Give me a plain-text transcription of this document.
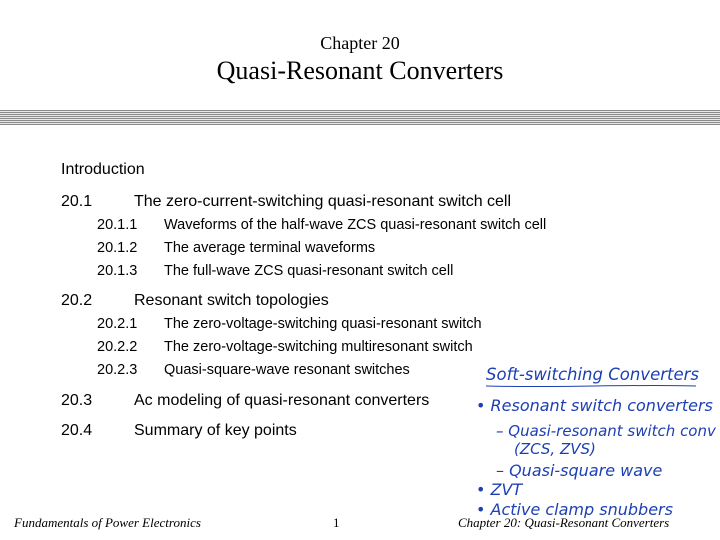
Chapter 20
Quasi-Resonant Converters
Introduction
20.1	The zero-current-switching quasi-resonant switch cell
20.1.1 Waveforms of the half-wave ZCS quasi-resonant switch cell
20.1.2 The average terminal waveforms
20.1.3 The full-wave ZCS quasi-resonant switch cell
20.2	Resonant switch topologies
20.2.1 The zero-voltage-switching quasi-resonant switch
20.2.2 The zero-voltage-switching multiresonant switch
20.2.3 Quasi-square-wave resonant switches
20.3	Ac modeling of quasi-resonant converters
20.4	Summary of key points
Soft-switching Converters
• Resonant switch converters
– Quasi-resonant switch conv
(ZCS, ZVS)
– Quasi-square wave
• ZVT
• Active clamp snubbers
Fundamentals of Power Electronics	1	Chapter 20: Quasi-Resonant Converters
